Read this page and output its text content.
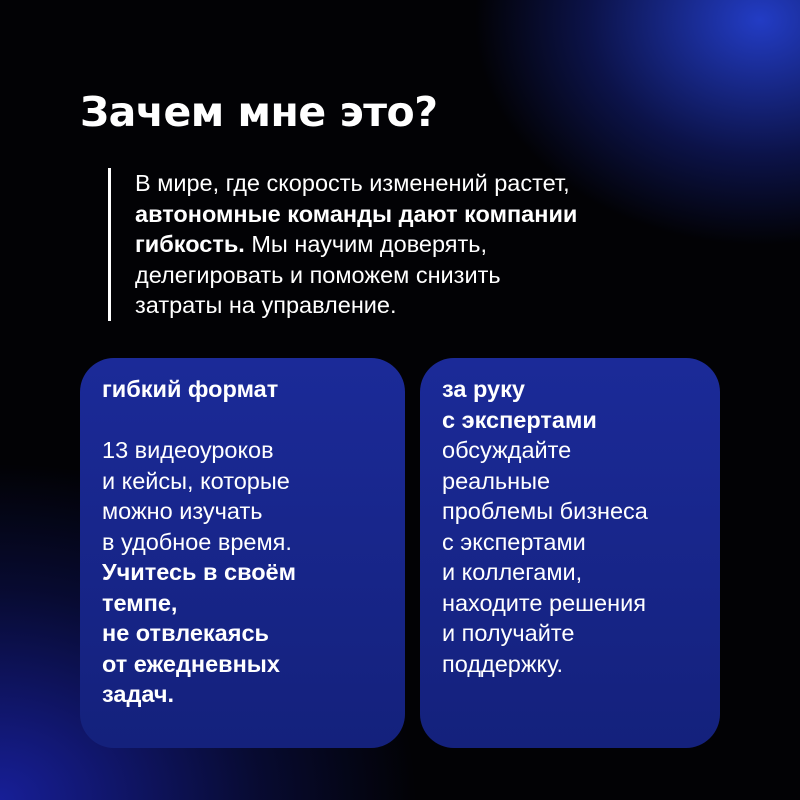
Зачем мне это?
В мире, где скорость изменений растет,
автономные команды дают компании
гибкость. Мы научим доверять,
делегировать и поможем снизить
затраты на управление.
гибкий формат
13 видеоуроков
и кейсы, которые
можно изучать
в удобное время.
Учитесь в своём
темпе,
не отвлекаясь
от ежедневных
задач.
за руку
с экспертами
обсуждайте
реальные
проблемы бизнеса
с экспертами
и коллегами,
находите решения
и получайте
поддержку.
